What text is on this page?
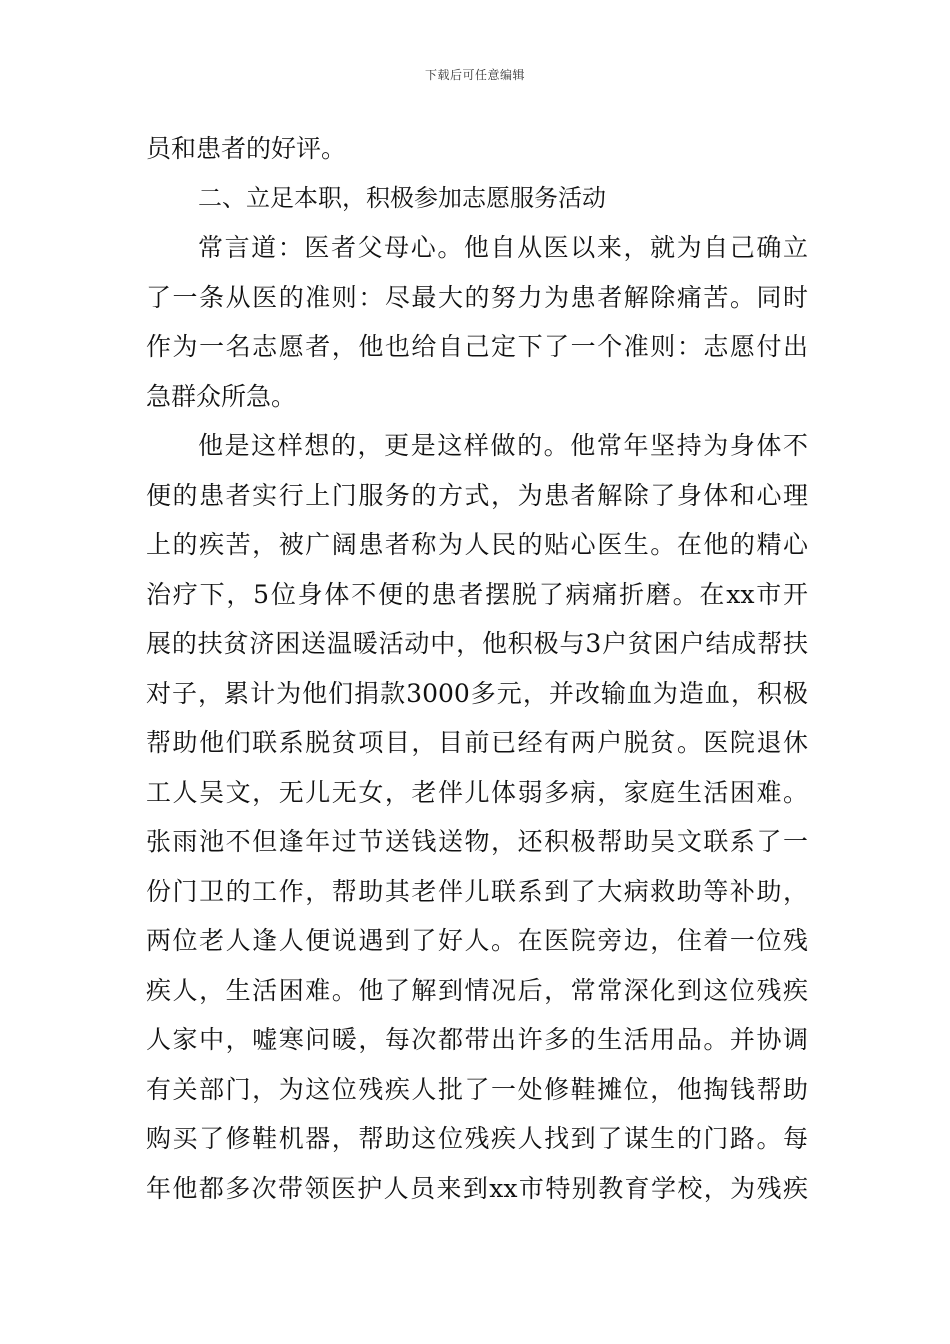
下载后可任意编辑
员和患者的好评。
二、立足本职，积极参加志愿服务活动
常言道：医者父母心。他自从医以来，就为自己确立
了一条从医的准则：尽最大的努力为患者解除痛苦。同时
作为一名志愿者，他也给自己定下了一个准则：志愿付出
急群众所急。
他是这样想的，更是这样做的。他常年坚持为身体不
便的患者实行上门服务的方式，为患者解除了身体和心理
上的疾苦，被广阔患者称为人民的贴心医生。在他的精心
治疗下，5位身体不便的患者摆脱了病痛折磨。在xx市开
展的扶贫济困送温暖活动中，他积极与3户贫困户结成帮扶
对子，累计为他们捐款3000多元，并改输血为造血，积极
帮助他们联系脱贫项目，目前已经有两户脱贫。医院退休
工人吴文，无儿无女，老伴儿体弱多病，家庭生活困难。
张雨池不但逢年过节送钱送物，还积极帮助吴文联系了一
份门卫的工作，帮助其老伴儿联系到了大病救助等补助，
两位老人逢人便说遇到了好人。在医院旁边，住着一位残
疾人，生活困难。他了解到情况后，常常深化到这位残疾
人家中，嘘寒问暖，每次都带出许多的生活用品。并协调
有关部门，为这位残疾人批了一处修鞋摊位，他掏钱帮助
购买了修鞋机器，帮助这位残疾人找到了谋生的门路。每
年他都多次带领医护人员来到xx市特别教育学校，为残疾
